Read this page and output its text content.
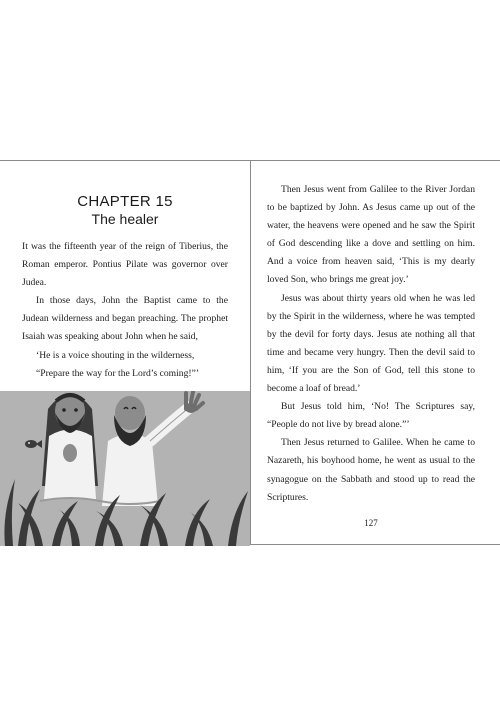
CHAPTER 15
The healer

It was the fifteenth year of the reign of Tiberius, the Roman emperor. Pontius Pilate was governor over Judea.

In those days, John the Baptist came to the Judean wilderness and began preaching. The prophet Isaiah was speaking about John when he said,

‘He is a voice shouting in the wilderness,

“Prepare the way for the Lord’s coming!”’

Then Jesus went from Galilee to the River Jordan to be baptized by John. As Jesus came up out of the water, the heavens were opened and he saw the Spirit of God descending like a dove and settling on him. And a voice from heaven said, ‘This is my dearly loved Son, who brings me great joy.’

Jesus was about thirty years old when he was led by the Spirit in the wilderness, where he was tempted by the devil for forty days. Jesus ate nothing all that time and became very hungry. Then the devil said to him, ‘If you are the Son of God, tell this stone to become a loaf of bread.’

But Jesus told him, ‘No! The Scriptures say, “People do not live by bread alone.”’

Then Jesus returned to Galilee. When he came to Nazareth, his boyhood home, he went as usual to the synagogue on the Sabbath and stood up to read the Scriptures.

127
